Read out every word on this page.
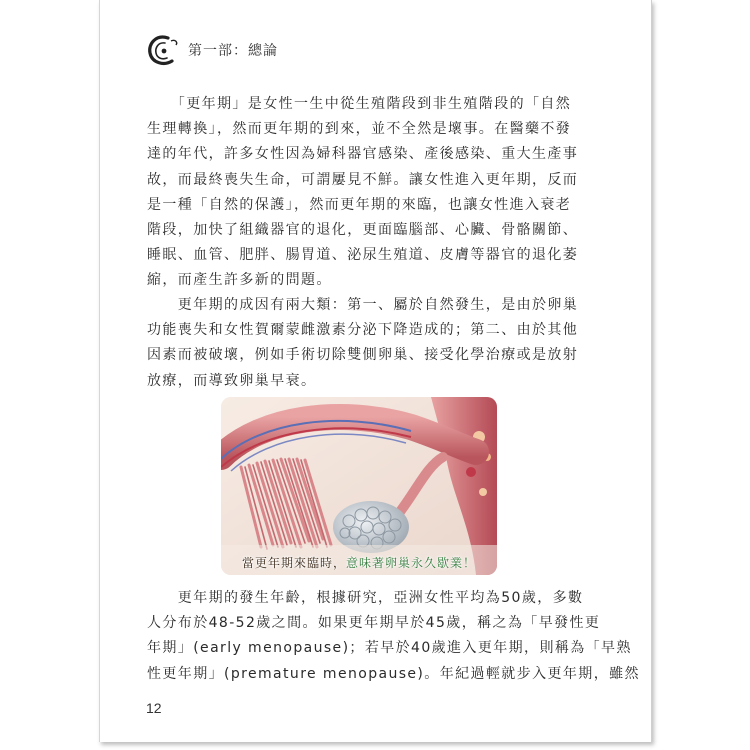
第一部：總論
　　「更年期」是女性一生中從生殖階段到非生殖階段的「自然
生理轉換」，然而更年期的到來，並不全然是壞事。在醫藥不發
達的年代，許多女性因為婦科器官感染、產後感染、重大生產事
故，而最終喪失生命，可謂屢見不鮮。讓女性進入更年期，反而
是一種「自然的保護」，然而更年期的來臨，也讓女性進入衰老
階段，加快了組織器官的退化，更面臨腦部、心臟、骨骼關節、
睡眠、血管、肥胖、腸胃道、泌尿生殖道、皮膚等器官的退化萎
縮，而產生許多新的問題。
　　更年期的成因有兩大類：第一、屬於自然發生，是由於卵巢
功能喪失和女性賀爾蒙雌激素分泌下降造成的；第二、由於其他
因素而被破壞，例如手術切除雙側卵巢、接受化學治療或是放射
放療，而導致卵巢早衰。
當更年期來臨時，意味著卵巢永久歇業！
　　更年期的發生年齡，根據研究，亞洲女性平均為50歲，多數
人分布於48-52歲之間。如果更年期早於45歲，稱之為「早發性更
年期」(early menopause)；若早於40歲進入更年期，則稱為「早熟
性更年期」(premature menopause)。年紀過輕就步入更年期，雖然
12
